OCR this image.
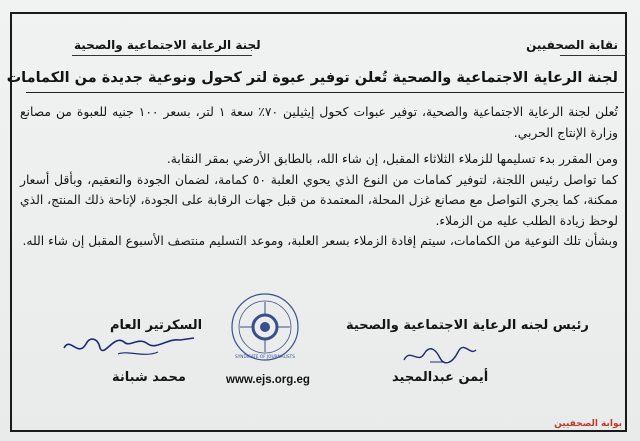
نقابة الصحفيين
لجنة الرعاية الاجتماعية والصحية
لجنة الرعاية الاجتماعية والصحية تُعلن توفير عبوة لتر كحول ونوعية جديدة من الكمامات

تُعلن لجنة الرعاية الاجتماعية والصحية، توفير عبوات كحول إيثيلين ٧٠٪ سعة ١ لتر، بسعر ١٠٠ جنيه للعبوة من مصانع وزارة الإنتاج الحربي.

ومن المقرر بدء تسليمها للزملاء الثلاثاء المقبل، إن شاء الله، بالطابق الأرضي بمقر النقابة.

كما تواصل رئيس اللجنة، لتوفير كمامات من النوع الذي يحوي العلبة ٥٠ كمامة، لضمان الجودة والتعقيم، وبأقل أسعار ممكنة، كما يجري التواصل مع مصانع غزل المحلة، المعتمدة من قبل جهات الرقابة على الجودة، لإتاحة ذلك المنتج، الذي لوحظ زيادة الطلب عليه من الزملاء.

وبشأن تلك النوعية من الكمامات، سيتم إفادة الزملاء بسعر العلبة، وموعد التسليم منتصف الأسبوع المقبل إن شاء الله.

رئيس لجنه الرعاية الاجتماعية والصحية
أيمن عبدالمجيد
السكرتير العام
محمد شبانة
SYNDICATE OF JOURNALISTS
www.ejs.org.eg
بوابة الصحفيين
